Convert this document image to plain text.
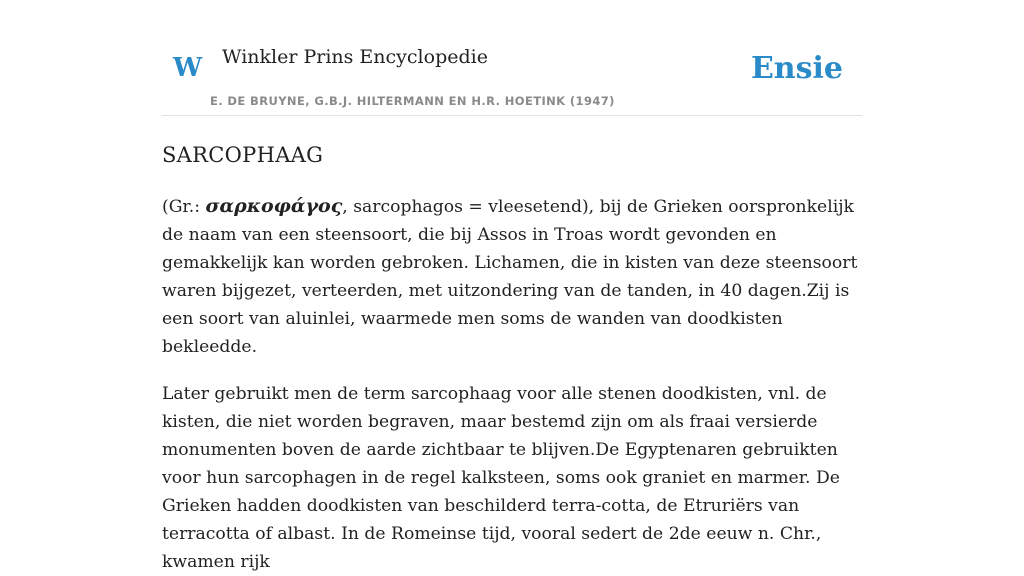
W Winkler Prins Encyclopedie
E. DE BRUYNE, G.B.J. HILTERMANN EN H.R. HOETINK (1947)
Ensie
SARCOPHAAG

(Gr.: σαρκοφάγος, sarcophagos = vleesetend), bij de Grieken oorspronkelijk de naam van een steensoort, die bij Assos in Troas wordt gevonden en gemakkelijk kan worden gebroken. Lichamen, die in kisten van deze steensoort waren bijgezet, verteerden, met uitzondering van de tanden, in 40 dagen.Zij is een soort van aluinlei, waarmede men soms de wanden van doodkisten bekleedde.

Later gebruikt men de term sarcophaag voor alle stenen doodkisten, vnl. de kisten, die niet worden begraven, maar bestemd zijn om als fraai versierde monumenten boven de aarde zichtbaar te blijven.De Egyptenaren gebruikten voor hun sarcophagen in de regel kalksteen, soms ook graniet en marmer. De Grieken hadden doodkisten van beschilderd terra-cotta, de Etruriërs van terracotta of albast. In de Romeinse tijd, vooral sedert de 2de eeuw n. Chr., kwamen rijk
